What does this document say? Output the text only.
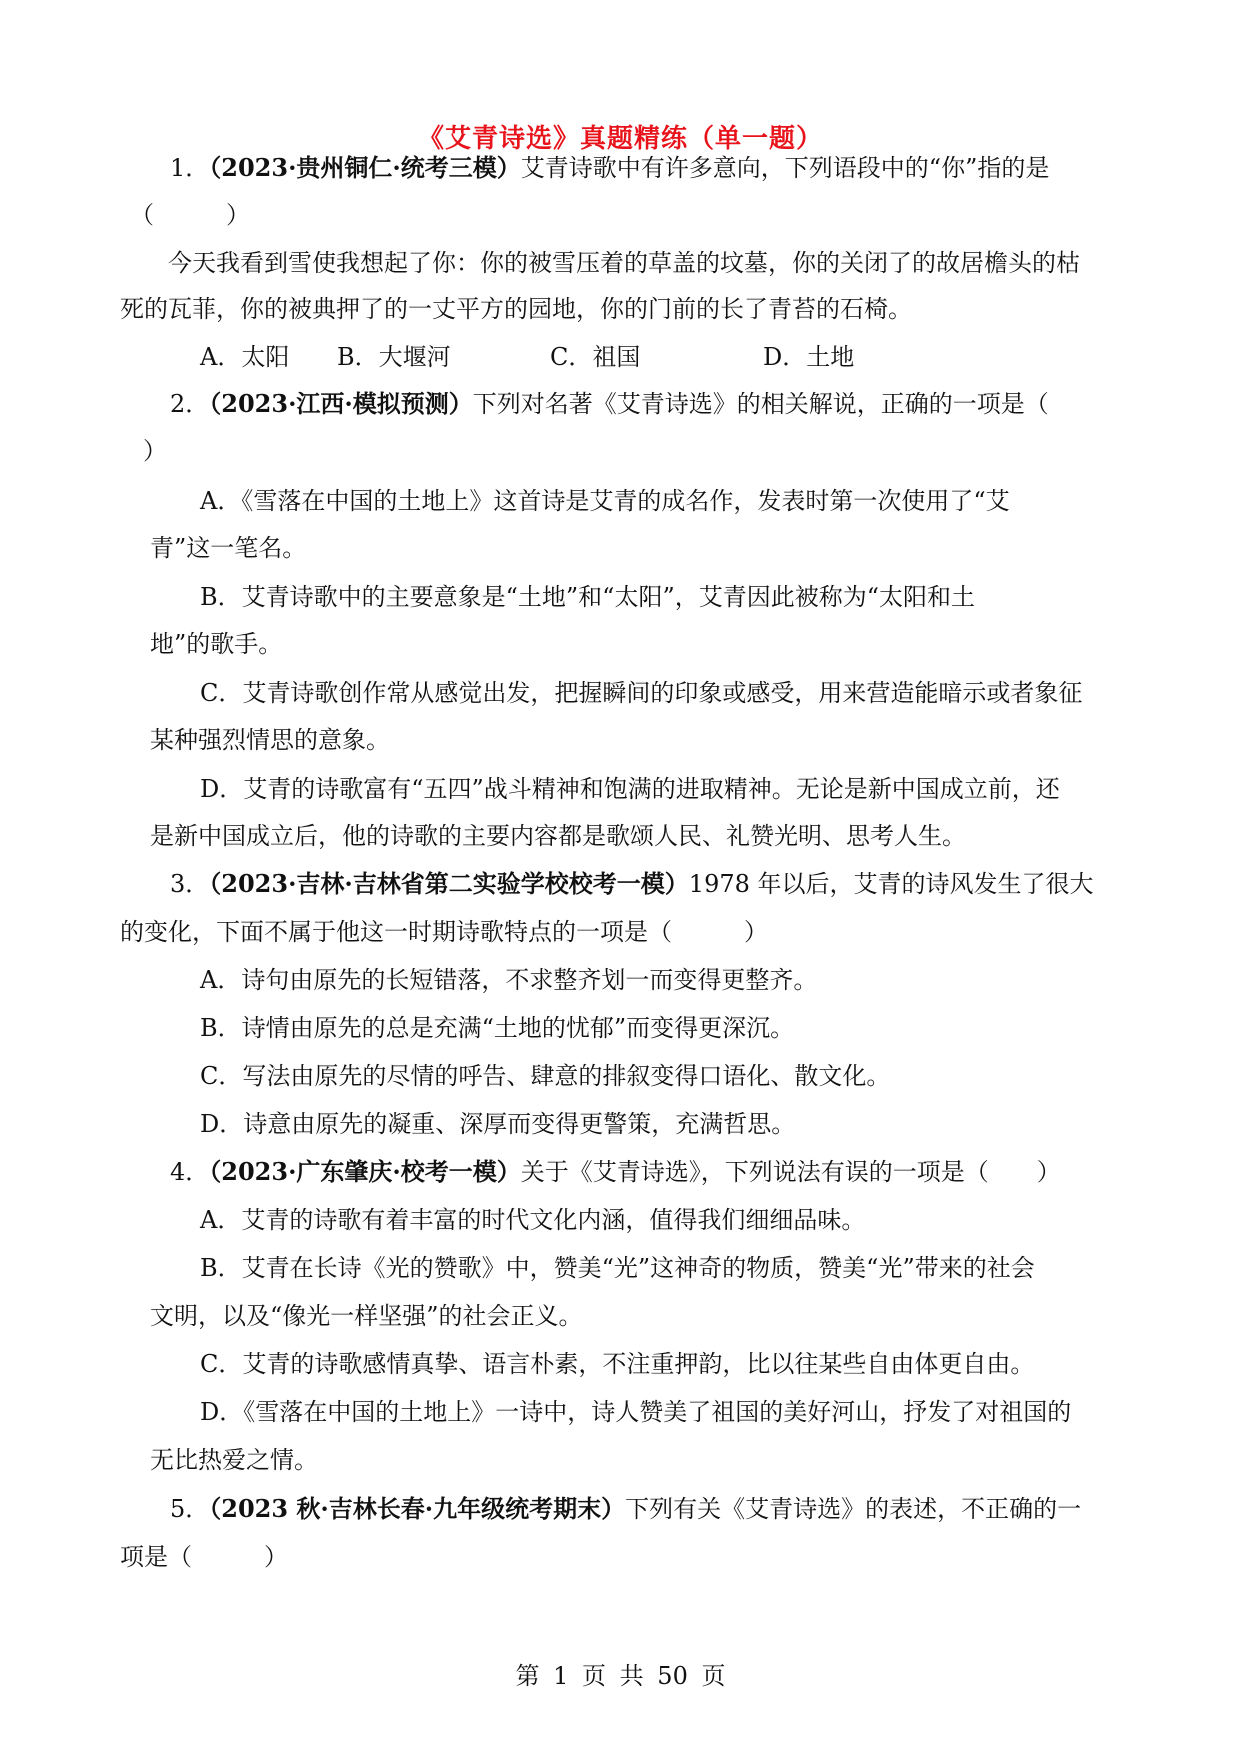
《艾青诗选》真题精练（单一题）
1．（2023·贵州铜仁·统考三模）艾青诗歌中有许多意向，下列语段中的“你”指的是
（　　　）
今天我看到雪使我想起了你：你的被雪压着的草盖的坟墓，你的关闭了的故居檐头的枯
死的瓦菲，你的被典押了的一丈平方的园地，你的门前的长了青苔的石椅。
A．太阳 B．大堰河	C．祖国	D．土地
2．（2023·江西·模拟预测）下列对名著《艾青诗选》的相关解说，正确的一项是（
）
A．《雪落在中国的土地上》这首诗是艾青的成名作，发表时第一次使用了“艾
青”这一笔名。
B．艾青诗歌中的主要意象是“土地”和“太阳”，艾青因此被称为“太阳和土
地”的歌手。
C．艾青诗歌创作常从感觉出发，把握瞬间的印象或感受，用来营造能暗示或者象征
某种强烈情思的意象。
D．艾青的诗歌富有“五四”战斗精神和饱满的进取精神。无论是新中国成立前，还
是新中国成立后，他的诗歌的主要内容都是歌颂人民、礼赞光明、思考人生。
3．（2023·吉林·吉林省第二实验学校校考一模）1978 年以后，艾青的诗风发生了很大
的变化，下面不属于他这一时期诗歌特点的一项是（　　　）
A．诗句由原先的长短错落，不求整齐划一而变得更整齐。
B．诗情由原先的总是充满“土地的忧郁”而变得更深沉。
C．写法由原先的尽情的呼告、肆意的排叙变得口语化、散文化。
D．诗意由原先的凝重、深厚而变得更警策，充满哲思。
4．（2023·广东肇庆·校考一模）关于《艾青诗选》，下列说法有误的一项是（　　）
A．艾青的诗歌有着丰富的时代文化内涵，值得我们细细品味。
B．艾青在长诗《光的赞歌》中，赞美“光”这神奇的物质，赞美“光”带来的社会
文明，以及“像光一样坚强”的社会正义。
C．艾青的诗歌感情真挚、语言朴素，不注重押韵，比以往某些自由体更自由。
D．《雪落在中国的土地上》一诗中，诗人赞美了祖国的美好河山，抒发了对祖国的
无比热爱之情。
5．（2023 秋·吉林长春·九年级统考期末）下列有关《艾青诗选》的表述，不正确的一
项是（　　　）
第 1 页 共 50 页
